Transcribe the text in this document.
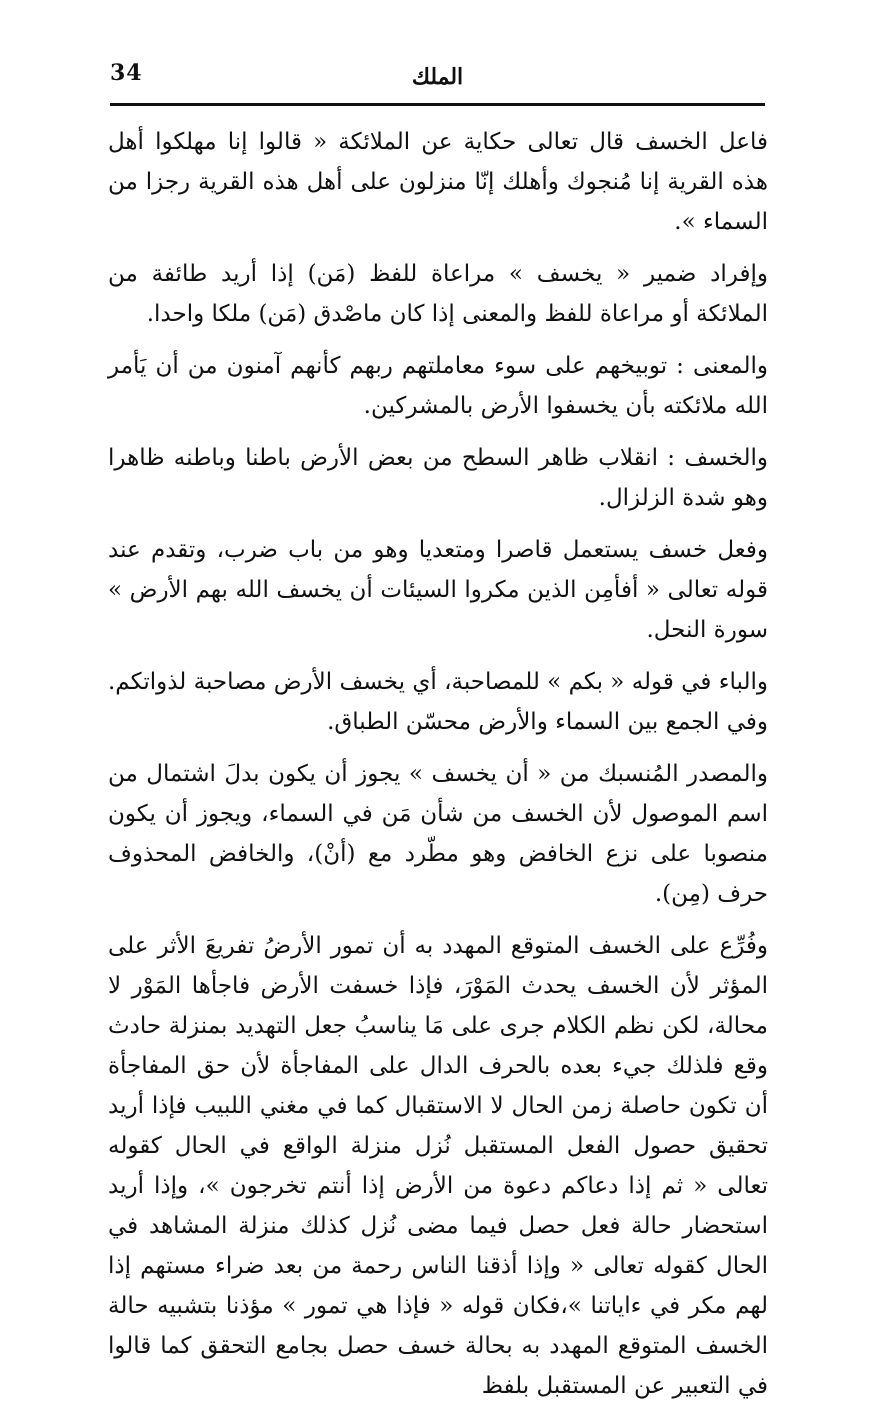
34	الملك

فاعل الخسف قال تعالى حكاية عن الملائكة « قالوا إنا مهلكوا أهل هذه القرية إنا مُنجوك وأهلك إنّا منزلون على أهل هذه القرية رجزا من السماء ».

وإفراد ضمير « يخسف » مراعاة للفظ (مَن) إذا أريد طائفة من الملائكة أو مراعاة للفظ والمعنى إذا كان ماصْدق (مَن) ملكا واحدا.

والمعنى : توبيخهم على سوء معاملتهم ربهم كأنهم آمنون من أن يَأمر الله ملائكته بأن يخسفوا الأرض بالمشركين.

والخسف : انقلاب ظاهر السطح من بعض الأرض باطنا وباطنه ظاهرا وهو شدة الزلزال.

وفعل خسف يستعمل قاصرا ومتعديا وهو من باب ضرب، وتقدم عند قوله تعالى « أفأمِن الذين مكروا السيئات أن يخسف الله بهم الأرض » سورة النحل.

والباء في قوله « بكم » للمصاحبة، أي يخسف الأرض مصاحبة لذواتكم. وفي الجمع بين السماء والأرض محسّن الطباق.

والمصدر المُنسبك من « أن يخسف » يجوز أن يكون بدلَ اشتمال من اسم الموصول لأن الخسف من شأن مَن في السماء، ويجوز أن يكون منصوبا على نزع الخافض وهو مطّرد مع (أنْ)، والخافض المحذوف حرف (مِن).

وفُرِّع على الخسف المتوقع المهدد به أن تمور الأرضُ تفريعَ الأثر على المؤثر لأن الخسف يحدث المَوْرَ، فإذا خسفت الأرض فاجأها المَوْر لا محالة، لكن نظم الكلام جرى على مَا يناسبُ جعل التهديد بمنزلة حادث وقع فلذلك جيء بعده بالحرف الدال على المفاجأة لأن حق المفاجأة أن تكون حاصلة زمن الحال لا الاستقبال كما في مغني اللبيب فإذا أريد تحقيق حصول الفعل المستقبل نُزل منزلة الواقع في الحال كقوله تعالى « ثم إذا دعاكم دعوة من الأرض إذا أنتم تخرجون »، وإذا أريد استحضار حالة فعل حصل فيما مضى نُزل كذلك منزلة المشاهد في الحال كقوله تعالى « وإذا أذقنا الناس رحمة من بعد ضراء مستهم إذا لهم مكر في ءاياتنا »،فكان قوله « فإذا هي تمور » مؤذنا بتشبيه حالة الخسف المتوقع المهدد به بحالة خسف حصل بجامع التحقق كما قالوا في التعبير عن المستقبل بلفظ
